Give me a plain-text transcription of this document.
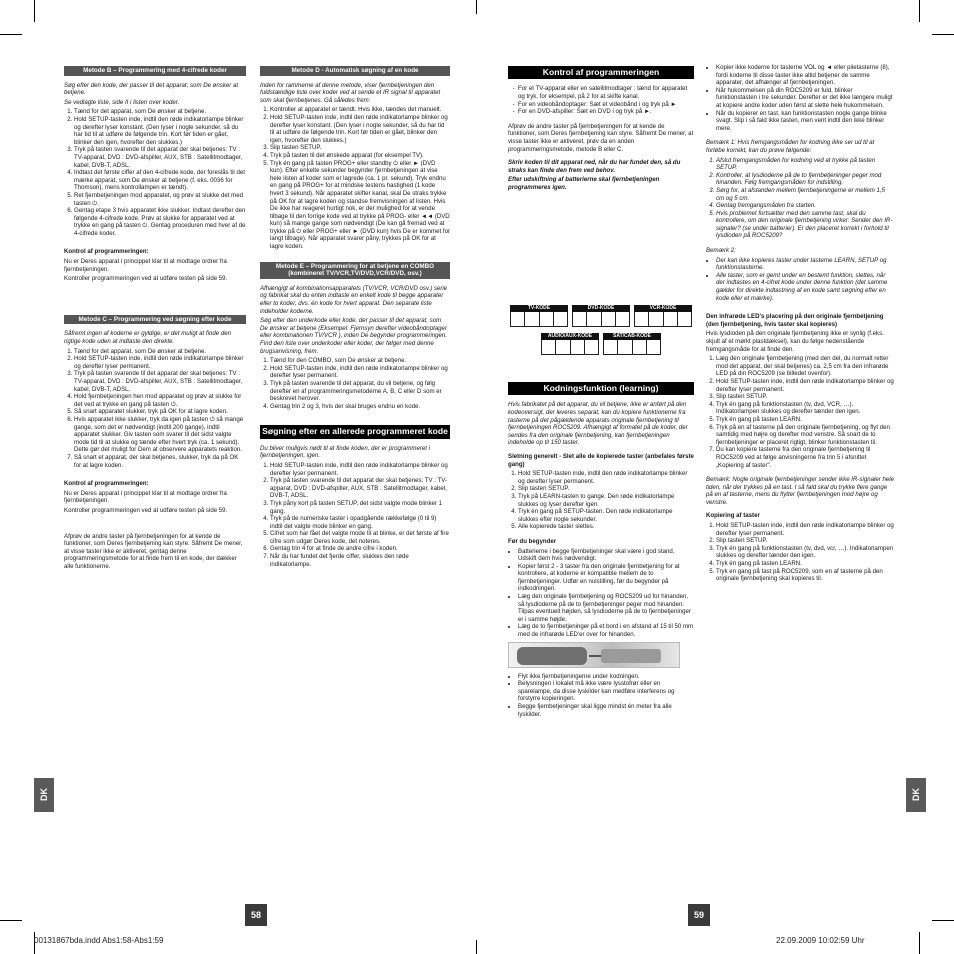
DK	DK
58	59
00131867bda.indd Abs1:58-Abs1:59	22.09.2009 10:02:59 Uhr
Metode B – Programmering med 4-cifrede koder

Søg efter den kode, der passer til det apparat, som De ønsker at betjene.

Se vedlagte liste, side II i listen over koder.

1. Tænd for det apparat, som De ønsker at betjene.
2. Hold SETUP-tasten inde, indtil den røde indikatorlampe blinker og derefter lyser konstant. (Den lyser i nogle sekunder, så du har tid til at udføre de følgende trin. Kort før tiden er gået, blinker den igen, hvorefter den slukkes.)
3. Tryk på tasten svarende til det apparat der skal betjenes: TV : TV-apparat, DVD : DVD-afspiller, AUX, STB : Satellitmodtager, kabel, DVB-T, ADSL.
4. Indtast det første ciffer af den 4-cifrede kode, der foreslås til det mærke apparat, som De ønsker at betjene (f. eks. 0036 for Thomson), mens kontrollampen er tændt).
5. Ret fjernbetjeningen mod apparatet, og prøv at slukke det med tasten ⏻.
6. Gentag etape 3 hvis apparatet ikke slukker. Indtast derefter den følgende 4-cifrede kode. Prøv at slukke for apparatet ved at trykke en gang på tasten ⏻. Gentag proceduren med hver af de 4-cifrede koder.

Kontrol af programmeringen:

Nu er Deres apparat i princippet klar til at modtage ordrer fra fjernbetjeningen.

Kontroller programmeringen ved at udføre testen på side 59.

Metode C – Programmering ved søgning efter kode

Såfremt ingen af koderne er gyldige, er det muligt at finde den rigtige kode uden at indtaste den direkte.

1. Tænd for det apparat, som De ønsker at betjene.
2. Hold SETUP-tasten inde, indtil den røde indikatorlampe blinker og derefter lyser permanent.
3. Tryk på tasten svarende til det apparat der skal betjenes: TV : TV-apparat, DVD : DVD-afspiller, AUX, STB : Satellitmodtager, kabel, DVB-T, ADSL.
4. Hold fjernbetjeningen hen mod apparatet og prøv at slukke for det ved at trykke en gang på tasten ⏻.
5. Så snart apparatet slukker, tryk på OK for at lagre koden.
6. Hvis apparatet ikke slukker, tryk da igen på tasten ⏻ så mange gange, som det er nødvendigt (indtil 200 gange), indtil apparatet slukker. Giv tasten som svarer til det sidst valgte mode tid til at slukke og tænde efter hvert tryk (ca. 1 sekund). Dette gør det muligt for Dem at observere apparatets reaktion.
7. Så snart et apparat, der skal betjenes, slukker, tryk da på OK for at lagre koden.

Kontrol af programmeringen:

Nu er Deres apparat i princippet klar til at modtage ordrer fra fjernbetjeningen.

Kontroller programmeringen ved at udføre testen på side 59.

Afprøv de andre taster på fjernbetjeningen for at kende de funktioner, som Deres fjernbetjening kan styre. Såfremt De mener, at visse taster ikke er aktiveret, gentag denne programmeringsmetode for at finde frem til en kode, der dækker alle funktionerne.

Metode D - Automatisk søgning af en kode

Inden for rammerne af denne metode, viser fjernbetjeningen den fuldstændige liste over koder ved at sende et IR signal til apparatet som skal fjernbetjenes. Gå således frem:

1. Kontroller at apparatet er tændt. Hvis ikke, tændes det manuelt.
2. Hold SETUP-tasten inde, indtil den røde indikatorlampe blinker og derefter lyser konstant. (Den lyser i nogle sekunder, så du har tid til at udføre de følgende trin. Kort før tiden er gået, blinker den igen, hvorefter den slukkes.)
3. Slip tasten SETUP.
4. Tryk på tasten til det ønskede apparat (for eksempel TV).
5. Tryk én gang på tasten PROG+ eller standby ⏻ eller ► (DVD kun). Efter enkelte sekunder begynder fjernbetjeningen at vise hele listen af koder som er lagrede (ca. 1 pr. sekund). Tryk endnu en gang på PROG+ for at mindske testens hastighed (1 kode hvert 3 sekund). Når apparatet skifter kanal, skal De straks trykke på OK for at lagre koden og standse fremvisningen af listen. Hvis De ikke har reageret hurtigt nok, er der mulighed for at vende tilbage til den forrige kode ved at trykke på PROG- eller ◄◄ (DVD kun) så mange gange som nødvendigt (De kan gå fremad ved at trykke på ⏻ eller PROG+ eller ► (DVD kun) hvis De er kommet for langt tilbage). Når apparatet svarer påny, trykkes på OK for at lagre koden.
Metode E – Programmering for at betjene en COMBO (kombineret TV/VCR,TV/DVD,VCR/DVD, osv.)

Afhængigt af kombinationsapparatets (TV/VCR, VCR/DVD osv.) serie og fabrikat skal du enten indtaste en enkelt kode til begge apparater eller to koder, dvs. én kode for hvert apparat. Den separate liste indeholder koderne.

Søg efter den underkode eller kode, der passer til det apparat, som De ønsker at betjene (Eksempel: Fjernsyn derefter videobåndoptager eller kombinationen TV/VCR ), inden De begynder programmeringen. Find den liste over underkoder eller koder, der følger med denne brugsanvisning, frem.

1. Tænd for den COMBO, som De ønsker at betjene.
2. Hold SETUP-tasten inde, indtil den røde indikatorlampe blinker og derefter lyser permanent.
3. Tryk på tasten svarende til det apparat, du vil betjene, og følg derefter en af programmeringsmetoderne A, B, C eller D som er beskrevet herover.
4. Gentag trin 2 og 3, hvis der skal bruges endnu en kode.
Søgning efter en allerede programmeret kode

Du bliver muligvis nødt til at finde koden, der er programmeret i fjernbetjeningen, igen.

1. Hold SETUP-tasten inde, indtil den røde indikatorlampe blinker og derefter lyser permanent.
2. Tryk på tasten svarende til det apparat der skal betjenes: TV : TV-apparat, DVD : DVD-afspiller, AUX, STB : Satellitmodtager, kabel, DVB-T, ADSL.
3. Tryk påny kort på tasten SETUP, det sidst valgte mode blinker 1 gang.
4. Tryk på de numeriske taster i opadgående rækkefølge (0 til 9) indtil det valgte mode blinker en gang.
5. Cifret som har fået det valgte mode til at blinke, er det første af fire cifre som udgør Deres kode, det noteres.
6. Gentag trin 4 for at finde de andre cifre i koden.
7. Når du har fundet det fjerde ciffer, slukkes den røde indikatorlampe.
Kontrol af programmeringen
- For et TV-apparat eller en satellitmodtager : tænd for apparatet og tryk, for eksempel, på 2 for at skifte kanal.
- For en videobåndoptager: Sæt et videobånd i og tryk på ►
- For en DVD-afspiller: Sæt en DVD i og tryk på ►.

Afprøv de andre taster på fjernbetjeningen for at kende de funktioner, som Deres fjernbetjening kan styre. Såfremt De mener, at visse taster ikke er aktiveret, prøv da en anden programmeringsmetode, metode B eller C.

Skriv koden til dit apparat ned, når du har fundet den, så du straks kan finde den frem ved behov.

Efter udskiftning af batterierne skal fjernbetjeningen programmeres igen.

TV-KODE	DVD-KODE	VCR-KODE
AUDIO/AUX-KODE	SAT/CAB-KODE
Kodningsfunktion (learning)

Hvis fabrikatet på det apparat, du vil betjene, ikke er anført på den kodeoversigt, der leveres separat, kan du kopiere funktionerne fra tasterne på det pågældende apparats originale fjernbetjening til fjernbetjeningen ROC5209. Afhængigt af formatet på de koder, der sendes fra den originale fjernbetjening, kan fjernbetjeningen indeholde op til 150 taster.

Sletning generelt - Slet alle de kopierede taster (anbefales første gang)

1. Hold SETUP-tasten inde, indtil den røde indikatorlampe blinker og derefter lyser permanent.
2. Slip tasten SETUP.
3. Tryk på LEARN-tasten to gange. Den røde indikatorlampe slukkes og lyser derefter igen.
4. Tryk én gang på SETUP-tasten. Den røde indikatorlampe slukkes efter nogle sekunder.
5. Alle kopierede taster slettes.

Før du begynder

• Batterierne i begge fjernbetjeninger skal være i god stand. Udskift dem hvis nødvendigt.
• Kopier først 2 - 3 taster fra den originale fjernbetjening for at kontrollere, at koderne er kompatible mellem de to fjernbetjeninger. Udfør en nulstilling, før du begynder på indkodningen.
• Læg den originale fjernbetjening og ROC5209 ud for hinanden, så lysdioderne på de to fjernbetjeninger peger mod hinanden. Tilpas eventuelt højden, så lysdioderne på de to fjernbetjeninger er i samme højde.
• Læg de to fjernbetjeninger på et bord i en afstand af 15 til 50 mm med de infrarøde LED'er over for hinanden.
• Flyt ikke fjernbetjeningerne under kodningen.
• Belysningen i lokalet må ikke være lysstofrør eller en sparelampe, da disse lyskilder kan medføre interferens og forstyrre kopieringen.
• Begge fjernbetjeninger skal ligge mindst én meter fra alle lyskilder.
• Kopier ikke koderne for tasterne VOL og ◄ eller piletasterne (8), fordi koderne til disse taster ikke altid betjener de samme apparater, det afhænger af fjernbetjeningen.
• Når hukommelsen på din ROC5209 er fuld, blinker funktionstasten i tre sekunder. Derefter er det ikke længere muligt at kopiere andre koder uden først at slette hele hukommelsen.
• Når du kopierer en tast, kan funktionstasten nogle gange blinke svagt. Slip i så fald ikke tasten, men vent indtil den ikke blinker mere.

Bemærk 1: Hvis fremgangsmåden for kodning ikke ser ud til at forløbe korrekt, kan du prøve følgende:

1. Afslut fremgangsmåden for kodning ved at trykke på tasten SETUP.
2. Kontroller, at lysdioderne på de to fjernbetjeninger peger mod hinanden. Følg fremgangsmåden for indstilling.
3. Sørg for, at afstanden mellem fjernbetjeningerne er mellem 1,5 cm og 5 cm.
4. Gentag fremgangsmåden fra starten.
5. Hvis problemet fortsætter med den samme tast, skal du kontrollere, om den originale fjernbetjening virker: Sender den IR-signaler? (se under batterier). Er den placeret korrekt i forhold til lysdioden på ROC5209?

Bemærk 2:

• Der kan ikke kopieres taster under tasterne LEARN, SETUP og funktionstasterne.
• Alle taster, som er gemt under en bestemt funktion, slettes, når der indtastes en 4-cifret kode under denne funktion (det samme gælder for direkte indtastning af en kode samt søgning efter en kode eller et mærke).

Den infrarøde LED's placering på den originale fjernbetjening (den fjernbetjening, hvis taster skal kopieres)

Hvis lysdioden på den originale fjernbetjening ikke er synlig (f.eks. skjult af et mørkt plastdæksel), kan du følge nedenstående fremgangsmåde for at finde den.

1. Læg den originale fjernbetjening (med den del, du normalt retter mod det apparat, der skal betjenes) ca. 2,5 cm fra den infrarøde LED på din ROC5209 (se billedet ovenfor).
2. Hold SETUP-tasten inde, indtil den røde indikatorlampe blinker og derefter lyser permanent.
3. Slip tasten SETUP.
4. Tryk én gang på funktionstasten (tv, dvd, VCR, …). Indikatorlampen slukkes og derefter tænder den igen.
5. Tryk én gang på tasten LEARN.
6. Tryk på en af tasterne på den originale fjernbetjening, og flyt den samtidig med højre og derefter mod venstre. Så snart de to fjernbetjeninger er placeret rigtigt, blinker funktionstasten til.
7. Du kan kopiere tasterne fra den originale fjernbetjening til ROC5209 ved at følge anvisningerne fra trin 5 i afsnittet „Kopiering af taster".

Bemærk: Nogle originale fjernbetjeninger sender ikke IR-signaler hele tiden, når der trykkes på en tast. I så fald skal du trykke flere gange på en af tasterne, mens du flytter fjernbetjeningen mod højre og venstre.

Kopiering af taster

1. Hold SETUP-tasten inde, indtil den røde indikatorlampe blinker og derefter lyser permanent.
2. Slip tasten SETUP.
3. Tryk én gang på funktionstasten (tv, dvd, vcr, …). Indikatorlampen slukkes og derefter tænder den igen.
4. Tryk én gang på tasten LEARN.
5. Tryk en gang på tast på ROC5209, som en af tasterne på den originale fjernbetjening skal kopieres til.
